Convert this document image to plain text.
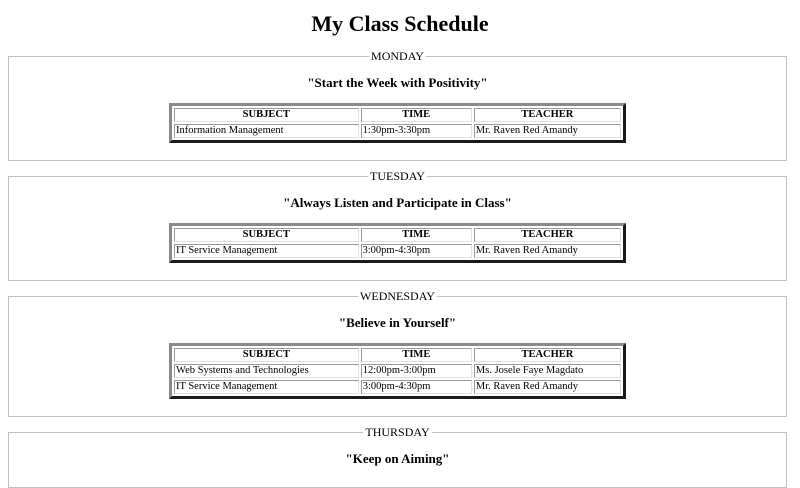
My Class Schedule
MONDAY
"Start the Week with Positivity"
SUBJECT	TIME	TEACHER
Information Management	1:30pm-3:30pm	Mr. Raven Red Amandy
TUESDAY
"Always Listen and Participate in Class"
SUBJECT	TIME	TEACHER
IT Service Management	3:00pm-4:30pm	Mr. Raven Red Amandy
WEDNESDAY
"Believe in Yourself"
SUBJECT	TIME	TEACHER
Web Systems and Technologies	12:00pm-3:00pm	Ms. Josele Faye Magdato
IT Service Management	3:00pm-4:30pm	Mr. Raven Red Amandy
THURSDAY
"Keep on Aiming"
